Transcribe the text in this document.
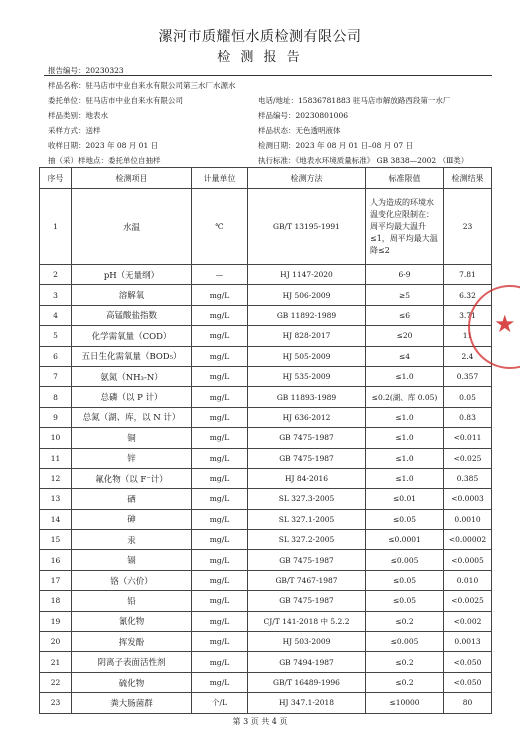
漯河市质耀恒水质检测有限公司
检 测 报 告
报告编号：20230323
样品名称：驻马店市中业自来水有限公司第三水厂水源水
委托单位：驻马店市中业自来水有限公司	电话/地址：15836781883 驻马店市解放路西段第一水厂
样品类别：地表水	样品编号：20230801006
采样方式：送样	样品状态：无色透明液体
收样日期：2023 年 08 月 01 日	检测日期：2023 年 08 月 01 日–08 月 07 日
抽（采）样地点：委托单位自抽样	执行标准：《地表水环境质量标准》 GB 3838—2002 （Ⅲ类）
序号	检测项目	计量单位	检测方法	标准限值	检测结果
1	水温	℃	GB/T 13195-1991	人为造成的环境水温变化应限制在：周平均最大温升≤1，周平均最大温降≤2	23
2	pH（无量纲）	—	HJ 1147-2020	6-9	7.81
3	溶解氧	mg/L	HJ 506-2009	≥5	6.32
4	高锰酸盐指数	mg/L	GB 11892-1989	≤6	3.71
5	化学需氧量（COD）	mg/L	HJ 828-2017	≤20	11
6	五日生化需氧量（BOD₅）	mg/L	HJ 505-2009	≤4	2.4
7	氨氮（NH₃-N）	mg/L	HJ 535-2009	≤1.0	0.357
8	总磷（以 P 计）	mg/L	GB 11893-1989	≤0.2(湖、库 0.05)	0.05
9	总氮（湖、库，以 N 计）	mg/L	HJ 636-2012	≤1.0	0.83
10	铜	mg/L	GB 7475-1987	≤1.0	<0.011
11	锌	mg/L	GB 7475-1987	≤1.0	<0.025
12	氟化物（以 F⁻计）	mg/L	HJ 84-2016	≤1.0	0.385
13	硒	mg/L	SL 327.3-2005	≤0.01	<0.0003
14	砷	mg/L	SL 327.1-2005	≤0.05	0.0010
15	汞	mg/L	SL 327.2-2005	≤0.0001	<0.00002
16	镉	mg/L	GB 7475-1987	≤0.005	<0.0005
17	铬（六价）	mg/L	GB/T 7467-1987	≤0.05	0.010
18	铅	mg/L	GB 7475-1987	≤0.05	<0.0025
19	氰化物	mg/L	CJ/T 141-2018 中 5.2.2	≤0.2	<0.002
20	挥发酚	mg/L	HJ 503-2009	≤0.005	0.0013
21	阴离子表面活性剂	mg/L	GB 7494-1987	≤0.2	<0.050
22	硫化物	mg/L	GB/T 16489-1996	≤0.2	<0.050
23	粪大肠菌群	个/L	HJ 347.1-2018	≤10000	80
★
第 3 页 共 4 页
